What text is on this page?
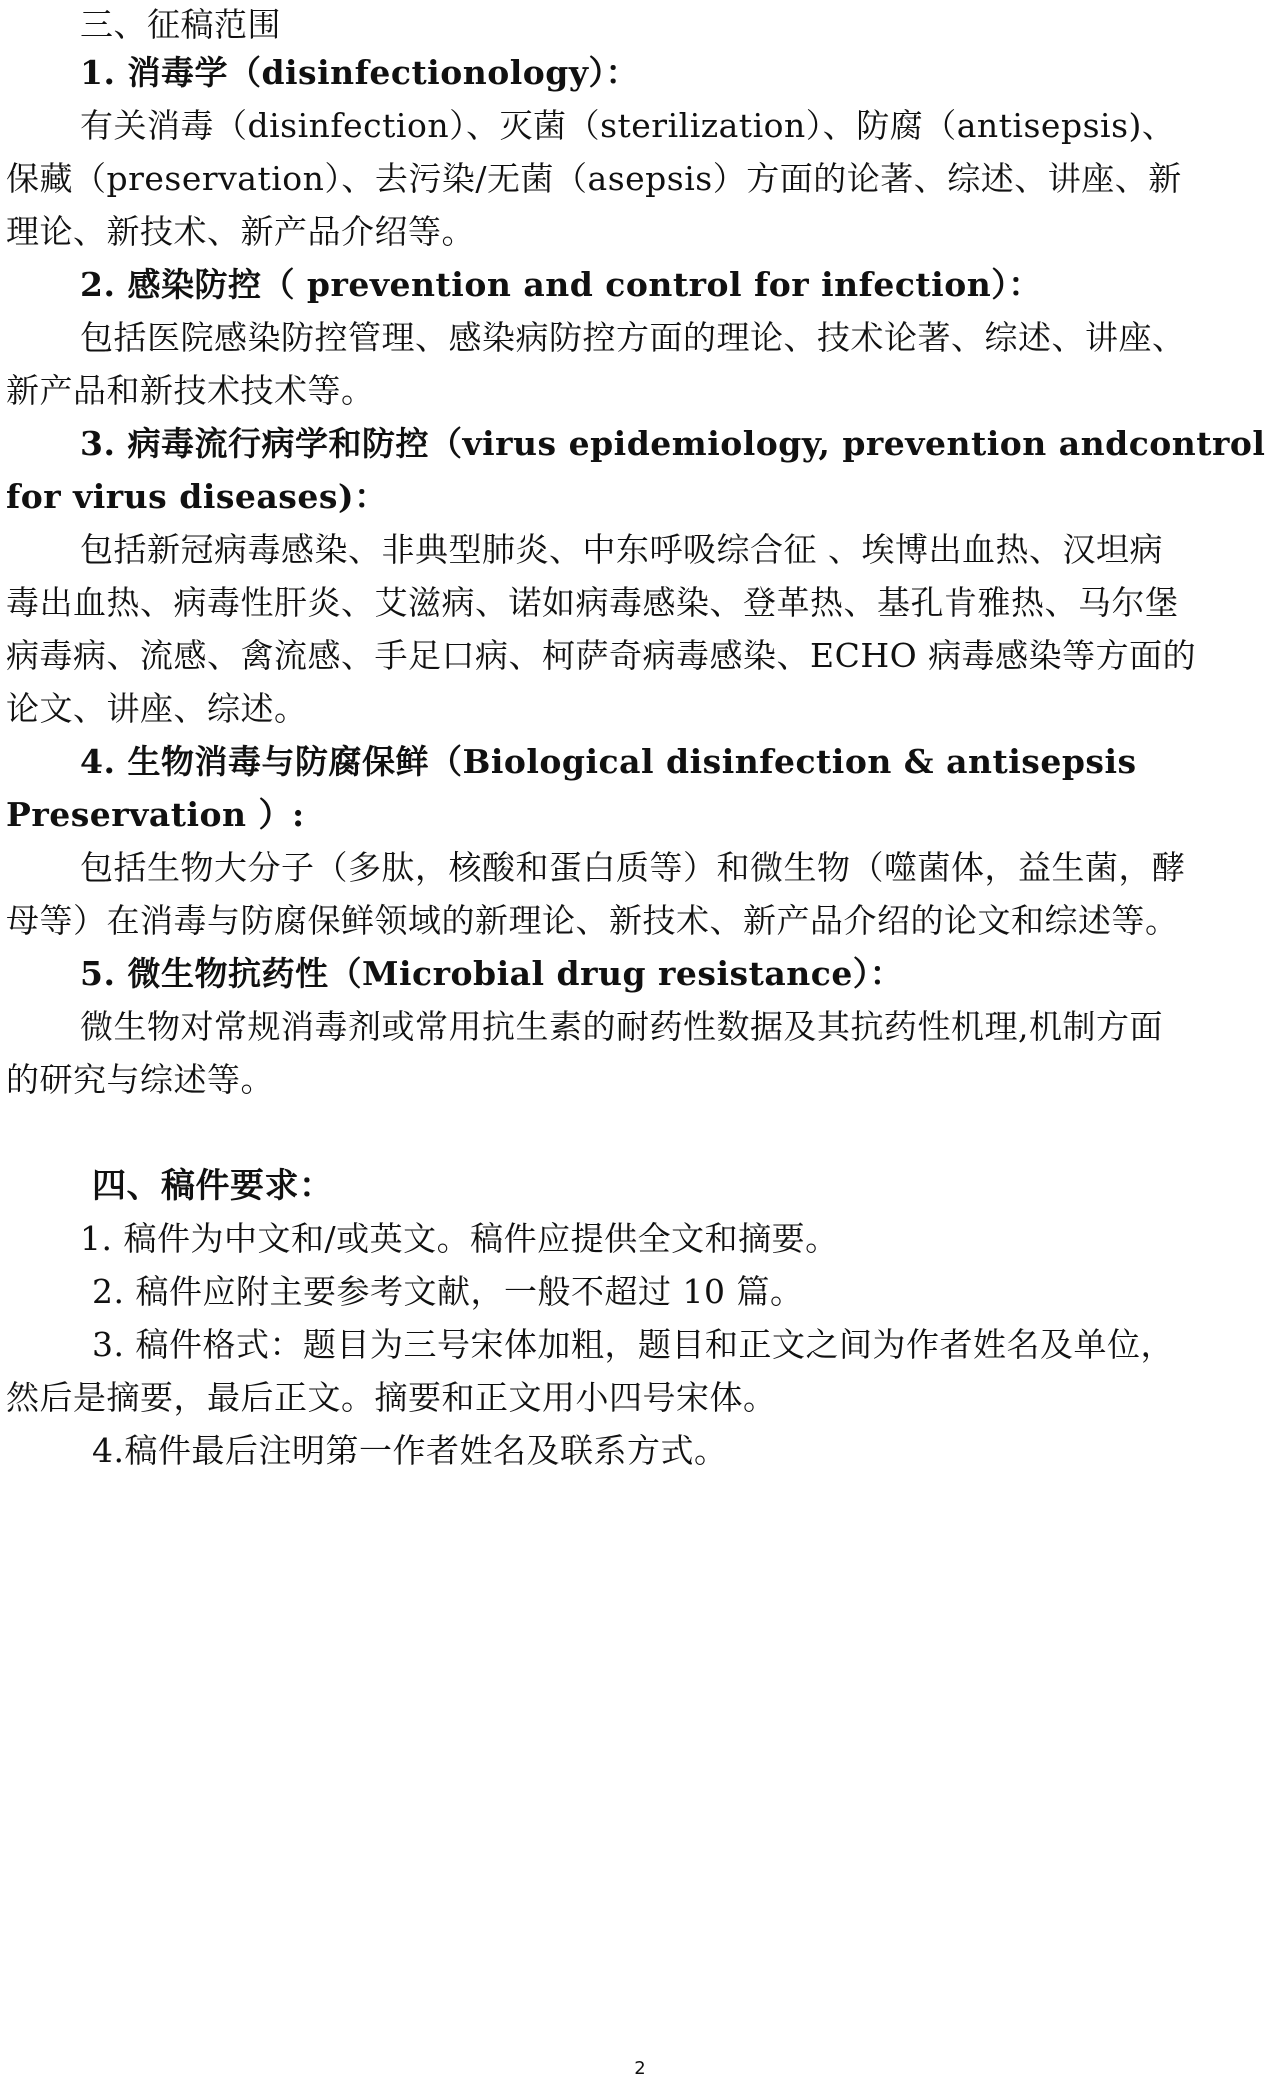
三、征稿范围
1. 消毒学（disinfectionology）：
有关消毒（disinfection）、灭菌（sterilization）、防腐（antisepsis)、
保藏（preservation）、去污染/无菌（asepsis）方面的论著、综述、讲座、新
理论、新技术、新产品介绍等。
2. 感染防控（ prevention and control for infection）：
包括医院感染防控管理、感染病防控方面的理论、技术论著、综述、讲座、
新产品和新技术技术等。
3. 病毒流行病学和防控（virus epidemiology, prevention andcontrol
for virus diseases)：
包括新冠病毒感染、非典型肺炎、中东呼吸综合征 、埃博出血热、汉坦病
毒出血热、病毒性肝炎、艾滋病、诺如病毒感染、登革热、基孔肯雅热、马尔堡
病毒病、流感、禽流感、手足口病、柯萨奇病毒感染、ECHO 病毒感染等方面的
论文、讲座、综述。
4. 生物消毒与防腐保鲜（Biological disinfection & antisepsis
Preservation ）:
包括生物大分子（多肽，核酸和蛋白质等）和微生物（噬菌体，益生菌，酵
母等）在消毒与防腐保鲜领域的新理论、新技术、新产品介绍的论文和综述等。
5. 微生物抗药性（Microbial drug resistance）：
微生物对常规消毒剂或常用抗生素的耐药性数据及其抗药性机理,机制方面
的研究与综述等。
四、稿件要求：
1. 稿件为中文和/或英文。稿件应提供全文和摘要。
2. 稿件应附主要参考文献，一般不超过 10 篇。
3. 稿件格式：题目为三号宋体加粗，题目和正文之间为作者姓名及单位，
然后是摘要，最后正文。摘要和正文用小四号宋体。
4.稿件最后注明第一作者姓名及联系方式。
2
